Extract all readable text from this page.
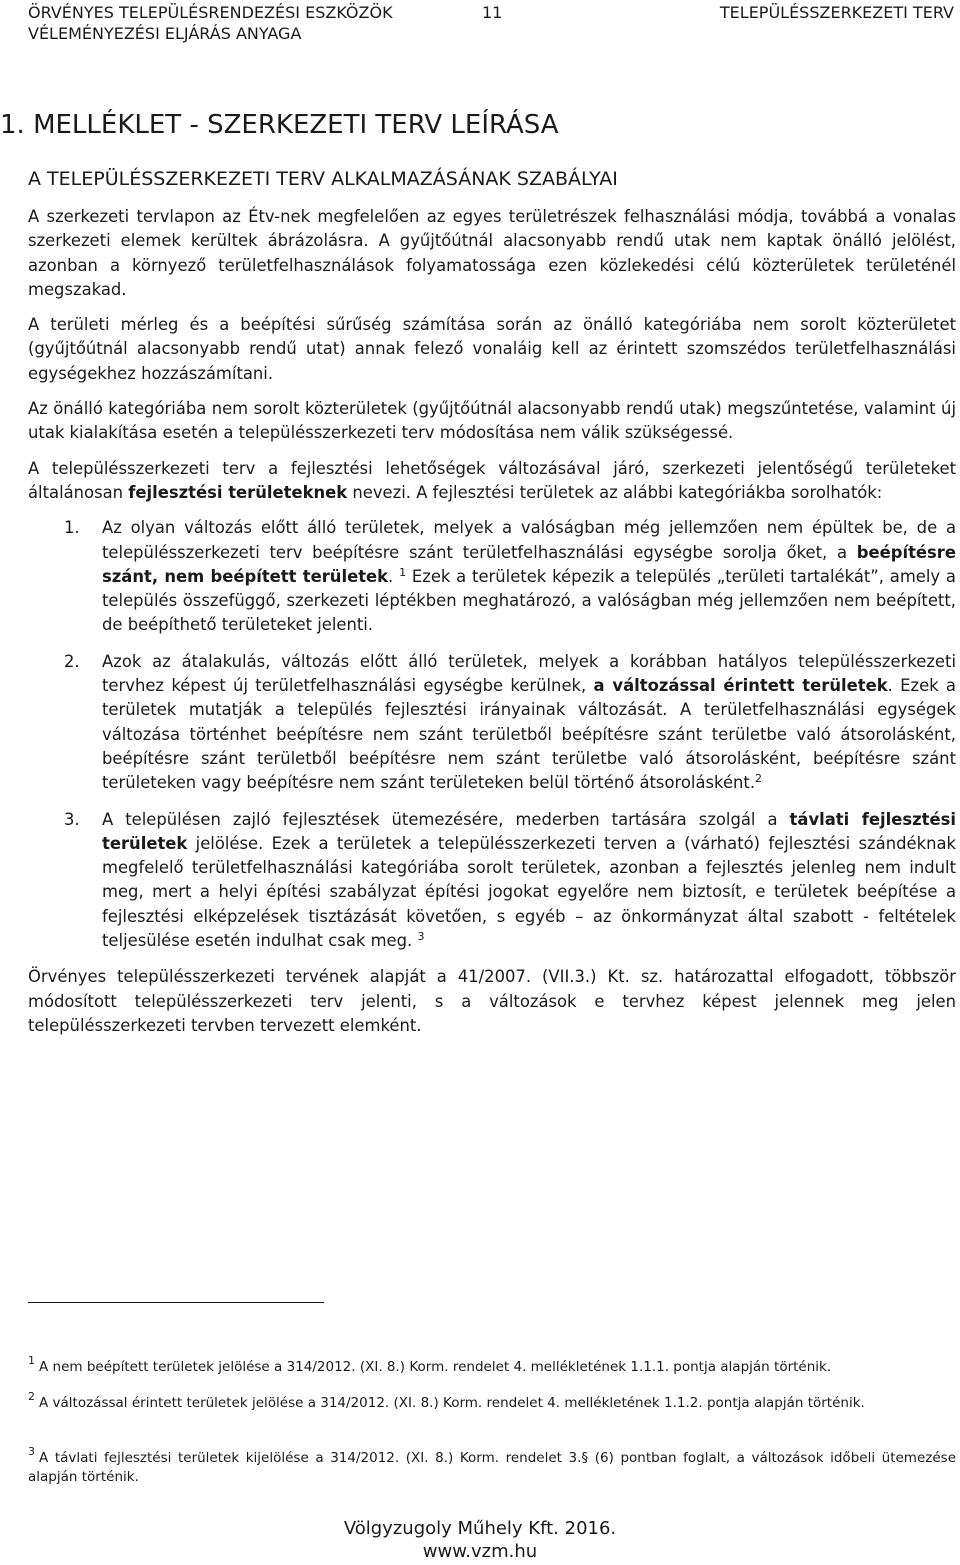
ÖRVÉNYES TELEPÜLÉSRENDEZÉSI ESZKÖZÖK	TELEPÜLÉSSZERKEZETI TERV
11
VÉLEMÉNYEZÉSI ELJÁRÁS ANYAGA
1. MELLÉKLET - SZERKEZETI TERV LEÍRÁSA
A TELEPÜLÉSSZERKEZETI TERV ALKALMAZÁSÁNAK SZABÁLYAI

A szerkezeti tervlapon az Étv-nek megfelelően az egyes területrészek felhasználási módja, továbbá a vonalas szerkezeti elemek kerültek ábrázolásra. A gyűjtőútnál alacsonyabb rendű utak nem kaptak önálló jelölést, azonban a környező területfelhasználások folyamatossága ezen közlekedési célú közterületek területénél megszakad.

A területi mérleg és a beépítési sűrűség számítása során az önálló kategóriába nem sorolt közterületet (gyűjtőútnál alacsonyabb rendű utat) annak felező vonaláig kell az érintett szomszédos területfelhasználási egységekhez hozzászámítani.

Az önálló kategóriába nem sorolt közterületek (gyűjtőútnál alacsonyabb rendű utak) megszűntetése, valamint új utak kialakítása esetén a településszerkezeti terv módosítása nem válik szükségessé.

A településszerkezeti terv a fejlesztési lehetőségek változásával járó, szerkezeti jelentőségű területeket általánosan fejlesztési területeknek nevezi. A fejlesztési területek az alábbi kategóriákba sorolhatók:

1. Az olyan változás előtt álló területek, melyek a valóságban még jellemzően nem épültek be, de a településszerkezeti terv beépítésre szánt területfelhasználási egységbe sorolja őket, a beépítésre szánt, nem beépített területek. $^1$ Ezek a területek képezik a település „területi tartalékát”, amely a település összefüggő, szerkezeti léptékben meghatározó, a valóságban még jellemzően nem beépített, de beépíthető területeket jelenti.
2. Azok az átalakulás, változás előtt álló területek, melyek a korábban hatályos településszerkezeti tervhez képest új területfelhasználási egységbe kerülnek, a változással érintett területek. Ezek a területek mutatják a település fejlesztési irányainak változását. A területfelhasználási egységek változása történhet beépítésre nem szánt területből beépítésre szánt területbe való átsorolásként, beépítésre szánt területből beépítésre nem szánt területbe való átsorolásként, beépítésre szánt területeken vagy beépítésre nem szánt területeken belül történő átsorolásként.$^2$
3. A településen zajló fejlesztések ütemezésére, mederben tartására szolgál a távlati fejlesztési területek jelölése. Ezek a területek a településszerkezeti terven a (várható) fejlesztési szándéknak megfelelő területfelhasználási kategóriába sorolt területek, azonban a fejlesztés jelenleg nem indult meg, mert a helyi építési szabályzat építési jogokat egyelőre nem biztosít, e területek beépítése a fejlesztési elképzelések tisztázását követően, s egyéb – az önkormányzat által szabott - feltételek teljesülése esetén indulhat csak meg. $^3$

Örvényes településszerkezeti tervének alapját a 41/2007. (VII.3.) Kt. sz. határozattal elfogadott, többször módosított településszerkezeti terv jelenti, s a változások e tervhez képest jelennek meg jelen településszerkezeti tervben tervezett elemként.

$^1$ A nem beépített területek jelölése a 314/2012. (XI. 8.) Korm. rendelet 4. mellékletének 1.1.1. pontja alapján történik.
$^2$ A változással érintett területek jelölése a 314/2012. (XI. 8.) Korm. rendelet 4. mellékletének 1.1.2. pontja alapján történik.
$^3$ A távlati fejlesztési területek kijelölése a 314/2012. (XI. 8.) Korm. rendelet 3.§ (6) pontban foglalt, a változások időbeli ütemezése alapján történik.
Völgyzugoly Műhely Kft. 2016.
www.vzm.hu
